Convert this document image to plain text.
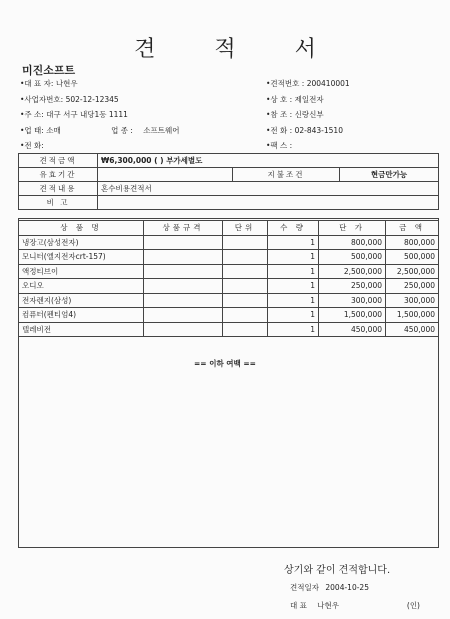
견 적 서
미진소프트
•대 표 자: 나현우
•사업자번호: 502-12-12345
•주 소: 대구 서구 내당1동 1111
•업 태: 소매	업 종 : 소프트웨어
•전 화:
•견적번호 : 200410001
•상 호 : 제일전자
•참 조 : 신랑신부
•전 화 : 02-843-1510
•팩 스 :
견적금액	₩6,300,000 ( ) 부가세별도		
유효기간		지불조건	현금만가능
견적내용	혼수비용견적서		
비 고			
상 품 명	상품규격	단위	수 량	단 가	금 액
냉장고(삼성전자)			1	800,000	800,000
모니터(엘지전자crt-157)			1	500,000	500,000
액정티브이			1	2,500,000	2,500,000
오디오			1	250,000	250,000
전자렌지(삼성)			1	300,000	300,000
컴퓨터(펜티엄4)			1	1,500,000	1,500,000
텔레비전			1	450,000	450,000
== 이하 여백 ==
상기와 같이 견적합니다.
견적일자 2004-10-25
대 표 나현우	(인)
